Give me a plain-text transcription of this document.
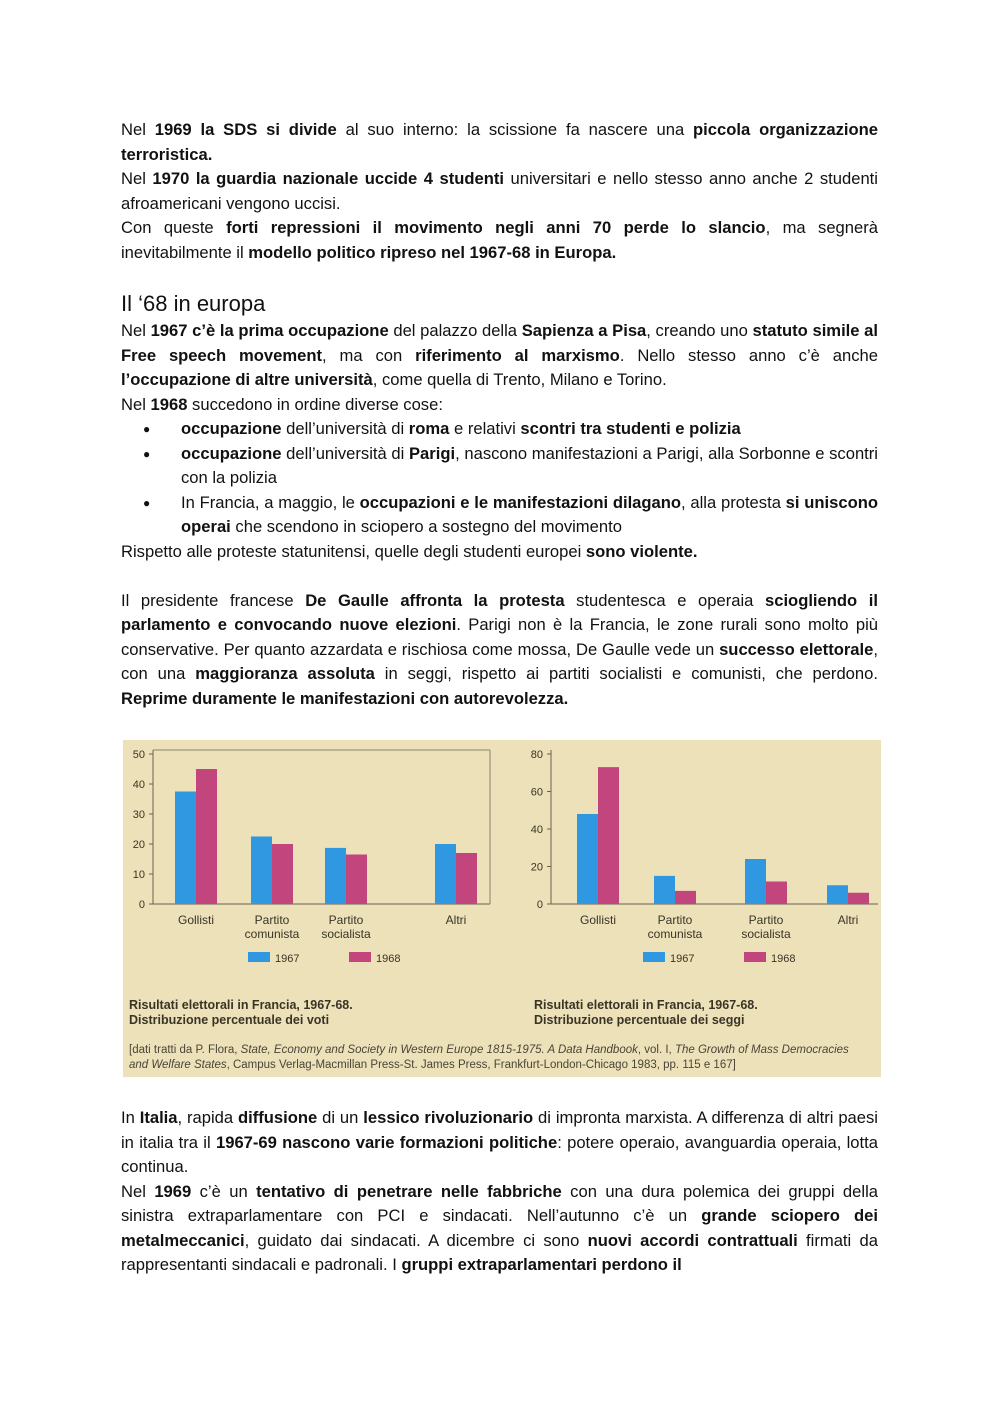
Nel 1969 la SDS si divide al suo interno: la scissione fa nascere una piccola organizzazione terroristica.

Nel 1970 la guardia nazionale uccide 4 studenti universitari e nello stesso anno anche 2 studenti afroamericani vengono uccisi.

Con queste forti repressioni il movimento negli anni 70 perde lo slancio, ma segnerà inevitabilmente il modello politico ripreso nel 1967-68 in Europa.

Il ‘68 in europa

Nel 1967 c’è la prima occupazione del palazzo della Sapienza a Pisa, creando uno statuto simile al Free speech movement, ma con riferimento al marxismo. Nello stesso anno c’è anche l’occupazione di altre università, come quella di Trento, Milano e Torino.

Nel 1968 succedono in ordine diverse cose:

● occupazione dell’università di roma e relativi scontri tra studenti e polizia
● occupazione dell’università di Parigi, nascono manifestazioni a Parigi, alla Sorbonne e scontri con la polizia
● In Francia, a maggio, le occupazioni e le manifestazioni dilagano, alla protesta si uniscono operai che scendono in sciopero a sostegno del movimento

Rispetto alle proteste statunitensi, quelle degli studenti europei sono violente.

Il presidente francese De Gaulle affronta la protesta studentesca e operaia sciogliendo il parlamento e convocando nuove elezioni. Parigi non è la Francia, le zone rurali sono molto più conservative. Per quanto azzardata e rischiosa come mossa, De Gaulle vede un successo elettorale, con una maggioranza assoluta in seggi, rispetto ai partiti socialisti e comunisti, che perdono. Reprime duramente le manifestazioni con autorevolezza.

0
10
20
30
40
50
Gollisti	Partito
comunista
Partito
socialista
Altri
1967	1968
0
20
40
60
80
Gollisti	Partito
comunista
Partito
socialista
Altri
1967	1968
Risultati elettorali in Francia, 1967-68.
Distribuzione percentuale dei voti
Risultati elettorali in Francia, 1967-68.
Distribuzione percentuale dei seggi
[dati tratti da P. Flora, State, Economy and Society in Western Europe 1815-1975. A Data Handbook, vol. I, The Growth of Mass Democracies and Welfare States, Campus Verlag-Macmillan Press-St. James Press, Frankfurt-London-Chicago 1983, pp. 115 e 167]

In Italia, rapida diffusione di un lessico rivoluzionario di impronta marxista. A differenza di altri paesi in italia tra il 1967-69 nascono varie formazioni politiche: potere operaio, avanguardia operaia, lotta continua.

Nel 1969 c’è un tentativo di penetrare nelle fabbriche con una dura polemica dei gruppi della sinistra extraparlamentare con PCI e sindacati. Nell’autunno c’è un grande sciopero dei metalmeccanici, guidato dai sindacati. A dicembre ci sono nuovi accordi contrattuali firmati da rappresentanti sindacali e padronali. I gruppi extraparlamentari perdono il
